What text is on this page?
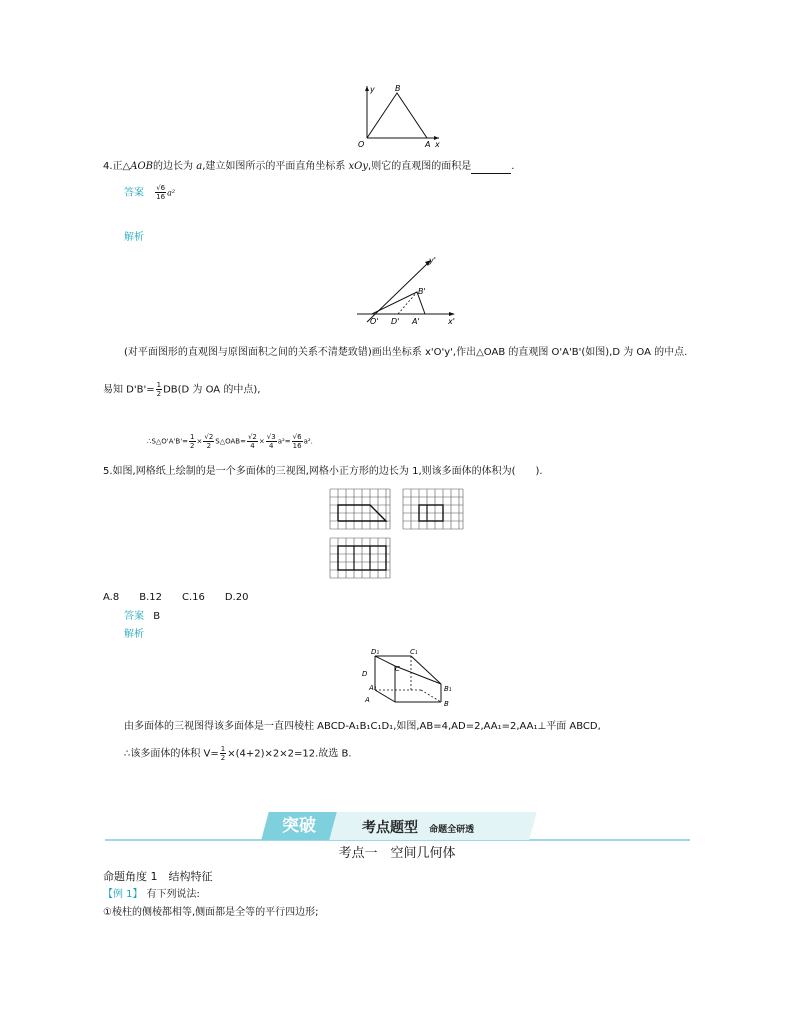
y	B
O	A x
4.正△AOB的边长为 a,建立如图所示的平面直角坐标系 xOy,则它的直观图的面积是	.
答案 $\frac{√6}{16} a^2$
解析
y'
B'
O' D' A'	x'
(对平面图形的直观图与原图面积之间的关系不清楚致错)画出坐标系 x'O'y',作出△OAB 的直观图 O'A'B'(如图),D 为 OA 的中点.
易知 $D'B'= \frac{1}{2} DB(D$ 为 OA 的中点),
∴S△O'A'B'= $\frac{1}{2} \times \frac{√2}{2}$ S△OAB= $\frac{√2}{4} \times \frac{√3}{4} a^2= \frac{√6}{16} a^2$.
5.如图,网格纸上绘制的是一个多面体的三视图,网格小正方形的边长为 1,则该多面体的体积为(　　).
A.8　　B.12　　C.16　　D.20
答案 B
解析
D₁	C₁
C
D
A₁	B₁
A	B
由多面体的三视图得该多面体是一直四棱柱 ABCD-A₁B₁C₁D₁,如图,AB=4,AD=2,AA₁=2,AA₁⊥平面 ABCD,
∴该多面体的体积 $V= \frac{1}{2} \times(4+2)\times 2\times 2=12$.故选 B.
突破	考点题型 命题全研透
考点一　空间几何体
命题角度 1　结构特征
【例 1】 有下列说法:
①棱柱的侧棱都相等,侧面都是全等的平行四边形;
